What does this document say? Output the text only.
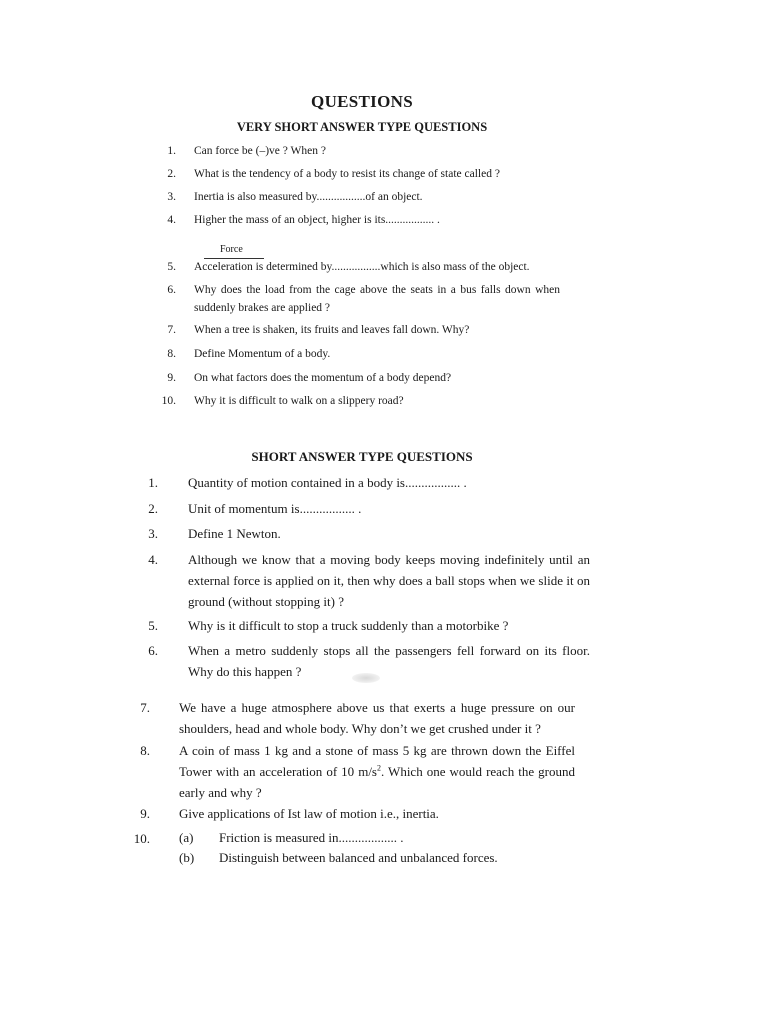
QUESTIONS
VERY SHORT ANSWER TYPE QUESTIONS
1. Can force be (–)ve ? When ?
2. What is the tendency of a body to resist its change of state called ?
3. Inertia is also measured by.................of an object.
4. Higher the mass of an object, higher is its................. .
Force
5. Acceleration is determined by.................which is also mass of the object.
6. Why does the load from the cage above the seats in a bus falls down when suddenly brakes are applied ?
7. When a tree is shaken, its fruits and leaves fall down. Why?
8. Define Momentum of a body.
9. On what factors does the momentum of a body depend?
10. Why it is difficult to walk on a slippery road?
SHORT ANSWER TYPE QUESTIONS
1. Quantity of motion contained in a body is................. .
2. Unit of momentum is................. .
3. Define 1 Newton.
4. Although we know that a moving body keeps moving indefinitely until an external force is applied on it, then why does a ball stops when we slide it on ground (without stopping it) ?
5. Why is it difficult to stop a truck suddenly than a motorbike ?
6. When a metro suddenly stops all the passengers fell forward on its floor. Why do this happen ?
7. We have a huge atmosphere above us that exerts a huge pressure on our shoulders, head and whole body. Why don’t we get crushed under it ?
8. A coin of mass 1 kg and a stone of mass 5 kg are thrown down the Eiffel Tower with an acceleration of 10 $m/s^2$. Which one would reach the ground early and why ?
9. Give applications of Ist law of motion i.e., inertia.
10. (a) Friction is measured in.................. .
(b) Distinguish between balanced and unbalanced forces.
